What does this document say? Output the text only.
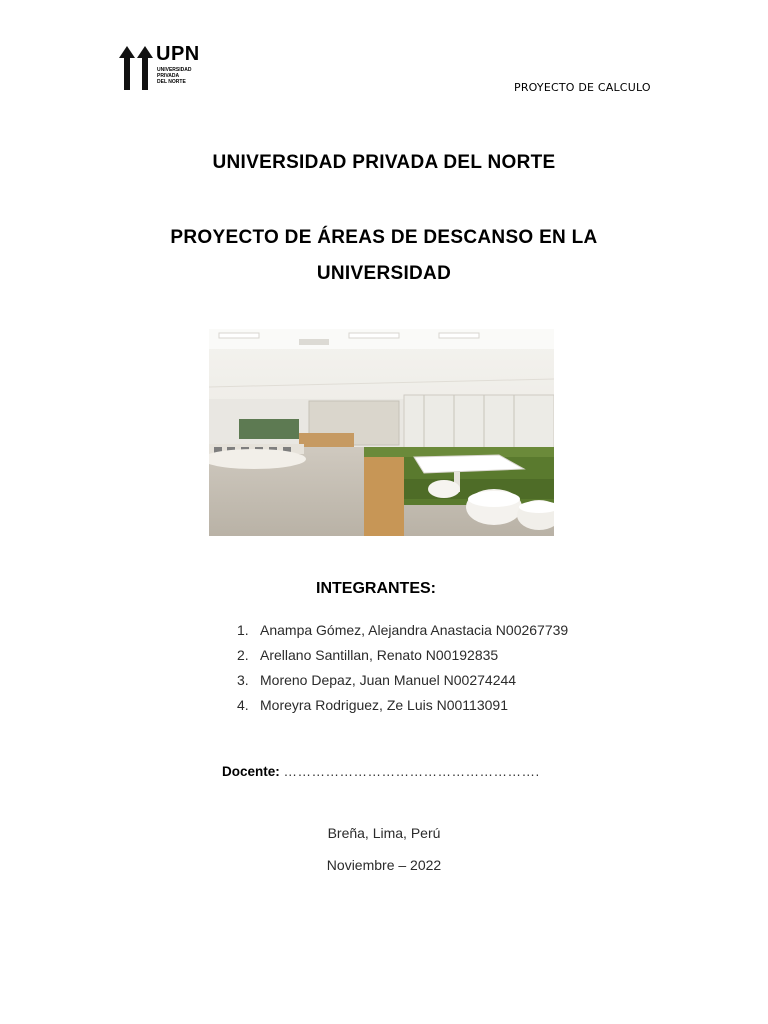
UPN
UNIVERSIDAD
PRIVADA
DEL NORTE	PROYECTO DE CALCULO
UNIVERSIDAD PRIVADA DEL NORTE
PROYECTO DE ÁREAS DE DESCANSO EN LA UNIVERSIDAD
INTEGRANTES:
1. Anampa Gómez, Alejandra Anastacia N00267739
2. Arellano Santillan, Renato N00192835
3. Moreno Depaz, Juan Manuel N00274244
4. Moreyra Rodriguez, Ze Luis N00113091
Docente: ……………………………………………….
Breña, Lima, Perú
Noviembre – 2022
